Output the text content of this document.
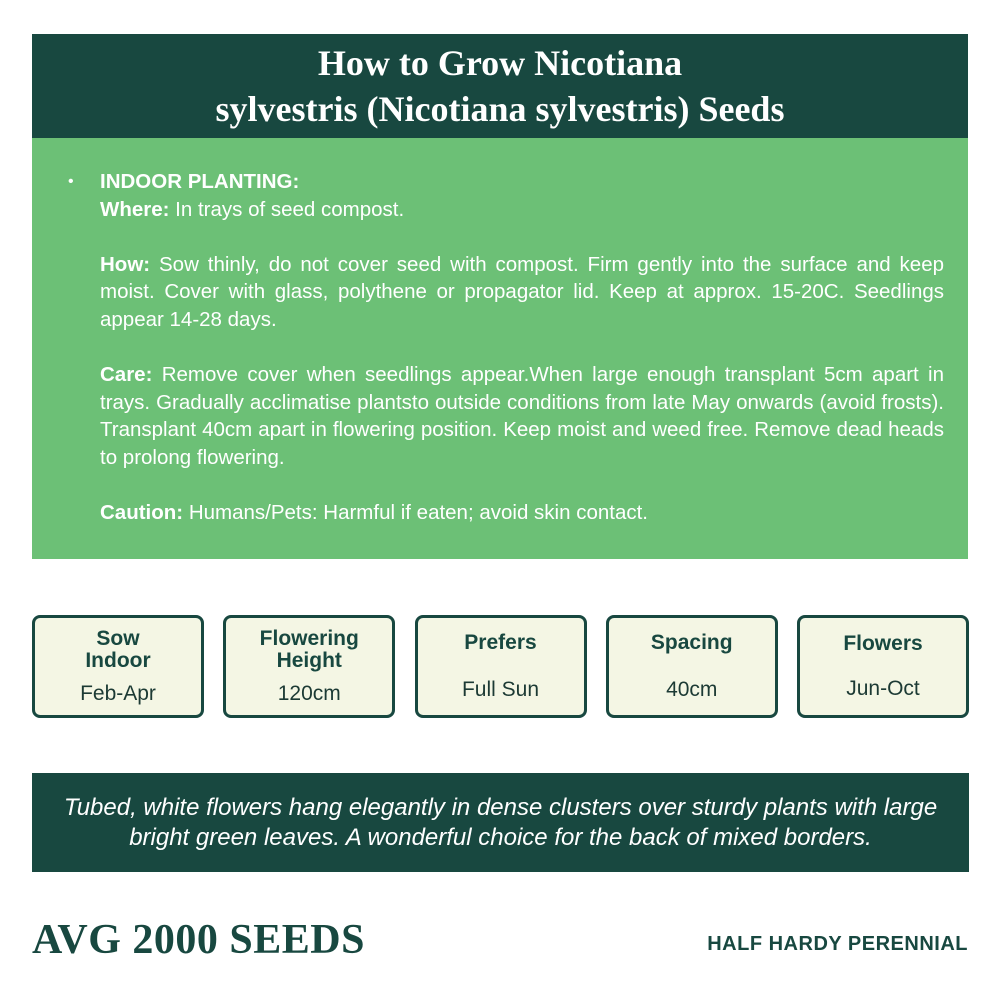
How to Grow Nicotiana
sylvestris (Nicotiana sylvestris) Seeds
•	INDOOR PLANTING:
Where: In trays of seed compost.
How: Sow thinly, do not cover seed with compost. Firm gently into the surface and keep moist. Cover with glass, polythene or propagator lid. Keep at approx. 15-20C. Seedlings appear 14-28 days.
Care: Remove cover when seedlings appear.When large enough transplant 5cm apart in trays. Gradually acclimatise plantsto outside conditions from late May onwards (avoid frosts). Transplant 40cm apart in flowering position. Keep moist and weed free. Remove dead heads to prolong flowering.
Caution: Humans/Pets: Harmful if eaten; avoid skin contact.
Sow
Indoor
Feb-Apr
Flowering
Height
120cm
Prefers
Full Sun
Spacing
40cm
Flowers
Jun-Oct
Tubed, white flowers hang elegantly in dense clusters over sturdy plants with large bright green leaves. A wonderful choice for the back of mixed borders.
AVG 2000 SEEDS	HALF HARDY PERENNIAL
